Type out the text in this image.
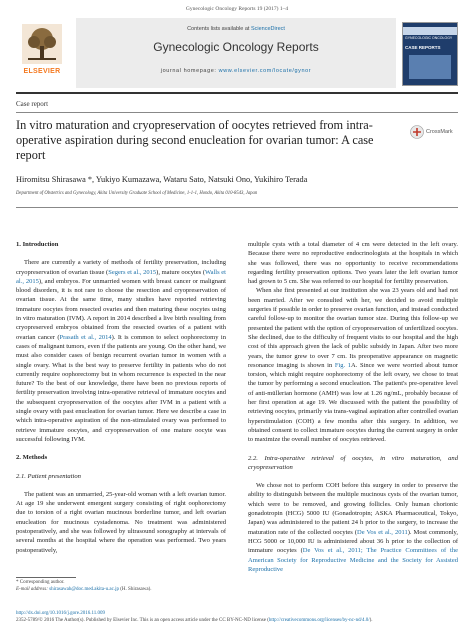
Gynecologic Oncology Reports 19 (2017) 1–4
ELSEVIER
Contents lists available at ScienceDirect
Gynecologic Oncology Reports
journal homepage: www.elsevier.com/locate/gynor
GYNECOLOGIC ONCOLOGY
CASE REPORTS
Case report
In vitro maturation and cryopreservation of oocytes retrieved from intra-operative aspiration during second enucleation for ovarian tumor: A case report
CrossMark
Hiromitsu Shirasawa *, Yukiyo Kumazawa, Wataru Sato, Natsuki Ono, Yukihiro Terada
Department of Obstetrics and Gynecology, Akita University Graduate School of Medicine, 1-1-1, Hondo, Akita 010-8543, Japan
1. Introduction

There are currently a variety of methods of fertility preservation, including cryopreservation of ovarian tissue (Segers et al., 2015), mature oocytes (Walls et al., 2015), and embryos. For unmarried women with breast cancer or malignant blood disorders, it is not rare to choose the resection and cryopreservation of ovarian tissue. At the same time, many studies have reported retrieving immature oocytes from resected ovaries and then maturing these oocytes using in vitro maturation (IVM). A report in 2014 described a live birth resulting from cryopreserved embryos obtained from the resected ovaries of a patient with ovarian cancer (Prasath et al., 2014). It is common to select oophorectomy in cases of malignant tumors, even if the patients are young. On the other hand, we must also consider cases of benign recurrent ovarian tumor in women with a single ovary. What is the best way to preserve fertility in patients who do not currently require oophorectomy but in whom recurrence is expected in the near future? To the best of our knowledge, there have been no previous reports of fertility preservation involving intra-operative retrieval of immature oocytes and the subsequent cryopreservation of the oocytes after IVM in a patient with a single ovary with past enucleation for ovarian tumor. Here we describe a case in which intra-operative aspiration of the non-stimulated ovary was performed to retrieve immature oocytes, and cryopreservation of one mature oocyte was successful following IVM.

2. Methods
2.1. Patient presentation

The patient was an unmarried, 25-year-old woman with a left ovarian tumor. At age 19 she underwent emergent surgery consisting of right oophorectomy due to torsion of a right ovarian mucinous borderline tumor, and left ovarian enucleation for mucinous cystadenoma. No treatment was administered postoperatively, and she was followed by ultrasound sonography at intervals of several months at the hospital where the operation was performed. Two years postoperatively,

multiple cysts with a total diameter of 4 cm were detected in the left ovary. Because there were no reproductive endocrinologists at the hospitals in which she was followed, there was no opportunity to receive recommendations regarding fertility preservation options. Two years later the left ovarian tumor had grown to 5 cm. She was referred to our hospital for fertility preservation.

When she first presented at our institution she was 23 years old and had not been married. After we consulted with her, we decided to avoid multiple surgeries if possible in order to preserve ovarian function, and instead conducted careful follow-up to monitor the ovarian tumor size. During this follow-up we presented the patient with the option of cryopreservation of unfertilized oocytes. She declined, due to the difficulty of frequent visits to our hospital and the high cost of this approach given the lack of public subsidy in Japan. After two more years, the tumor grew to over 7 cm. Its preoperative appearance on magnetic resonance imaging is shown in Fig. 1A. Since we were worried about tumor torsion, which might require oophorectomy of the left ovary, we chose to treat the tumor by performing a second enucleation. The patient's pre-operative level of anti-müllerian hormone (AMH) was low at 1.26 ng/mL, probably because of her first operation at age 19. We discussed with the patient the possibility of retrieving oocytes, primarily via trans-vaginal aspiration after controlled ovarian hyperstimulation (COH) a few months after this surgery. In addition, we obtained consent to collect immature oocytes during the current surgery in order to maximize the overall number of oocytes retrieved.

2.2. Intra-operative retrieval of oocytes, in vitro maturation, and cryopreservation

We chose not to perform COH before this surgery in order to preserve the ability to distinguish between the multiple mucinous cysts of the ovarian tumor, which were to be removed, and growing follicles. Only human chorionic gonadotropin (HCG) 5000 IU (Gonadotropin; ASKA Pharmaceutical, Tokyo, Japan) was administered to the patient 24 h prior to the surgery, to increase the maturation rate of the collected oocytes (De Vos et al., 2011). Most commonly, HCG 5000 or 10,000 IU is administered about 36 h prior to the collection of immature oocytes (De Vos et al., 2011; The Practice Committees of the American Society for Reproductive Medicine and the Society for Assisted Reproductive

* Corresponding author.
E-mail address: shirasawah@doc.med.akita-u.ac.jp (H. Shirasawa).
http://dx.doi.org/10.1016/j.gore.2016.11.009
2352-5789/© 2016 The Author(s). Published by Elsevier Inc. This is an open access article under the CC BY-NC-ND license (http://creativecommons.org/licenses/by-nc-nd/4.0/).
